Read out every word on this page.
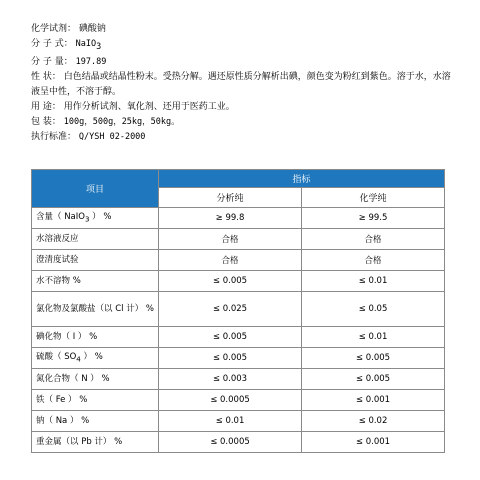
化学试剂： 碘酸钠
分 子 式： NaIO$_3$
分 子 量： 197.89
性 状： 白色结晶或结晶性粉末。受热分解。遇还原性质分解析出碘，颜色变为粉红到紫色。溶于水，水溶液呈中性，不溶于醇。
用 途： 用作分析试剂、氧化剂、还用于医药工业。
包 装： 100g，500g，25kg，50kg。
执行标准： Q/YSH 02-2000
项目	指标	
	分析纯	化学纯
含量（ NaIO$_3$ ） %	≥ 99.8	≥ 99.5
水溶液反应	合格	合格
澄清度试验	合格	合格
水不溶物 %	≤ 0.005	≤ 0.01
氯化物及氯酸盐（以 Cl 计） %	≤ 0.025	≤ 0.05
碘化物（ I ） %	≤ 0.005	≤ 0.01
硫酸（ $SO_4$ ） %	≤ 0.005	≤ 0.005
氮化合物（ N ） %	≤ 0.003	≤ 0.005
铁（ Fe ） %	≤ 0.0005	≤ 0.001
钠（ Na ） %	≤ 0.01	≤ 0.02
重金属（以 Pb 计） %	≤ 0.0005	≤ 0.001
